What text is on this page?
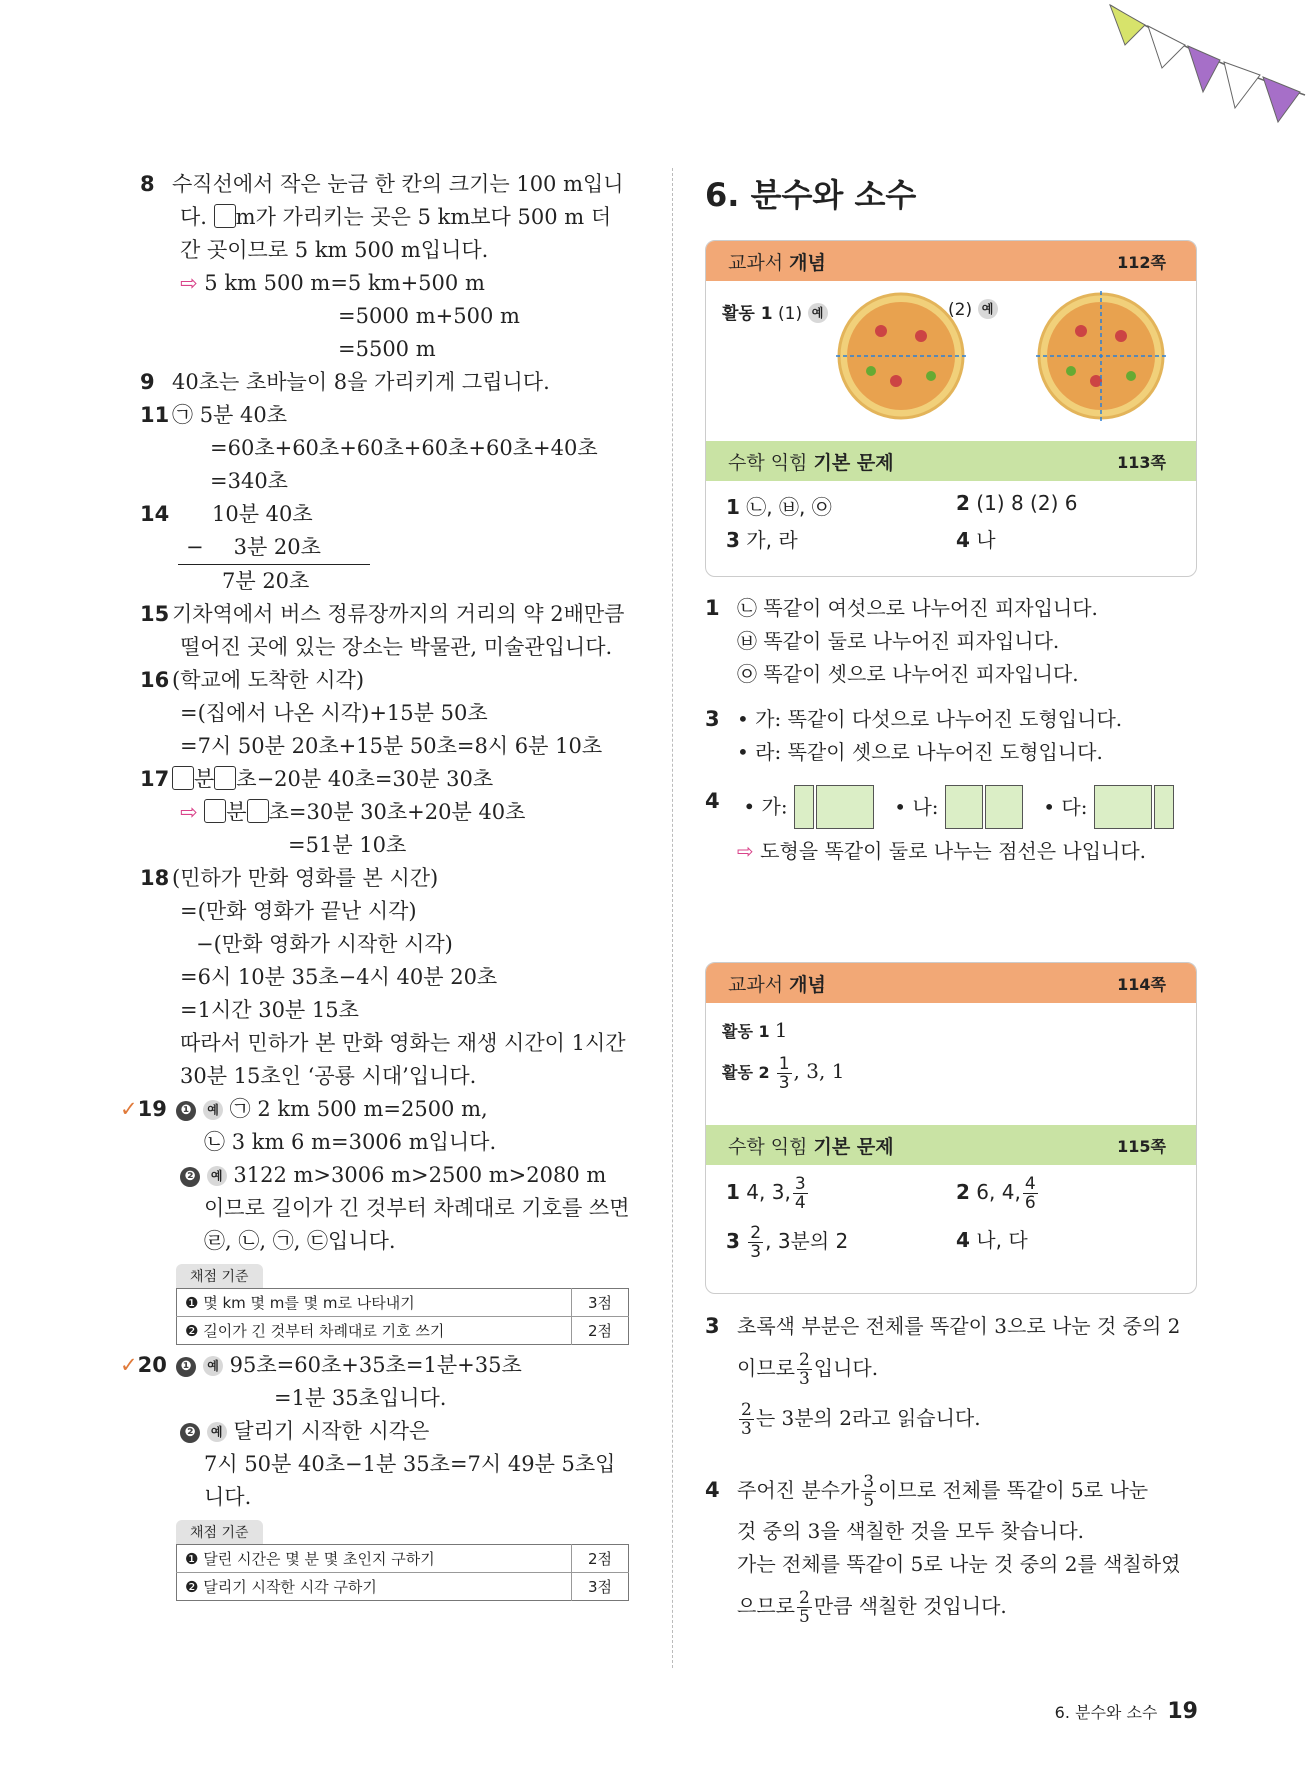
8 수직선에서 작은 눈금 한 칸의 크기는 100 m입니
다. m가 가리키는 곳은 5 km보다 500 m 더
간 곳이므로 5 km 500 m입니다.
⇨ 5 km 500 m=5 km+500 m
=5000 m+500 m
=5500 m
9 40초는 초바늘이 8을 가리키게 그립니다.
11 ㉠ 5분 40초
=60초+60초+60초+60초+60초+40초
=340초
14 10분 40초
− 3분 20초
7분 20초
15 기차역에서 버스 정류장까지의 거리의 약 2배만큼
떨어진 곳에 있는 장소는 박물관, 미술관입니다.
16 (학교에 도착한 시각)
=(집에서 나온 시각)+15분 50초
=7시 50분 20초+15분 50초=8시 6분 10초
17 분 초−20분 40초=30분 30초
⇨ 분 초=30분 30초+20분 40초
=51분 10초
18 (민하가 만화 영화를 본 시간)
=(만화 영화가 끝난 시각)
−(만화 영화가 시작한 시각)
=6시 10분 35초−4시 40분 20초
=1시간 30분 15초
따라서 민하가 본 만화 영화는 재생 시간이 1시간
30분 15초인 ‘공룡 시대’입니다.
✓19 ❶ 예 ㉠ 2 km 500 m=2500 m,
㉡ 3 km 6 m=3006 m입니다.
❷ 예 3122 m>3006 m>2500 m>2080 m
이므로 길이가 긴 것부터 차례대로 기호를 쓰면
㉣, ㉡, ㉠, ㉢입니다.
채점 기준
❶ 몇 km 몇 m를 몇 m로 나타내기	3점
❷ 길이가 긴 것부터 차례대로 기호 쓰기	2점
✓20 ❶ 예 95초=60초+35초=1분+35초
=1분 35초입니다.
❷ 예 달리기 시작한 시각은
7시 50분 40초−1분 35초=7시 49분 5초입
니다.
채점 기준
❶ 달린 시간은 몇 분 몇 초인지 구하기	2점
❷ 달리기 시작한 시각 구하기	3점
6. 분수와 소수
교과서 개념	112쪽
활동 1 (1) 예	(2) 예
수학 익힘 기본 문제	113쪽
1 ㉡, ㉥, ㉧	2 (1) 8 (2) 6
3 가, 라	4 나
1 ㉡ 똑같이 여섯으로 나누어진 피자입니다.
㉥ 똑같이 둘로 나누어진 피자입니다.
㉧ 똑같이 셋으로 나누어진 피자입니다.
3 • 가: 똑같이 다섯으로 나누어진 도형입니다.
• 라: 똑같이 셋으로 나누어진 도형입니다.
4 • 가:	• 나:	• 다:
⇨ 도형을 똑같이 둘로 나누는 점선은 나입니다.
교과서 개념	114쪽
활동 1 1
활동 $2 \frac{1}{3}$ , 3, 1
수학 익힘 기본 문제	115쪽
1 4, 3, $\frac{3}{4}$	2 6, 4, $\frac{4}{6}$
$3 \frac{2}{3}$ , 3분의 2	4 나, 다
3 초록색 부분은 전체를 똑같이 3으로 나눈 것 중의 2
이므로 $\frac{2}{3}$ 입니다.
$\frac{2}{3}$ 는 3분의 2라고 읽습니다.
4 주어진 분수가 $\frac{3}{5}$ 이므로 전체를 똑같이 5로 나눈
것 중의 3을 색칠한 것을 모두 찾습니다.
가는 전체를 똑같이 5로 나눈 것 중의 2를 색칠하였
으므로 $\frac{2}{5}$ 만큼 색칠한 것입니다.
6. 분수와 소수 19
